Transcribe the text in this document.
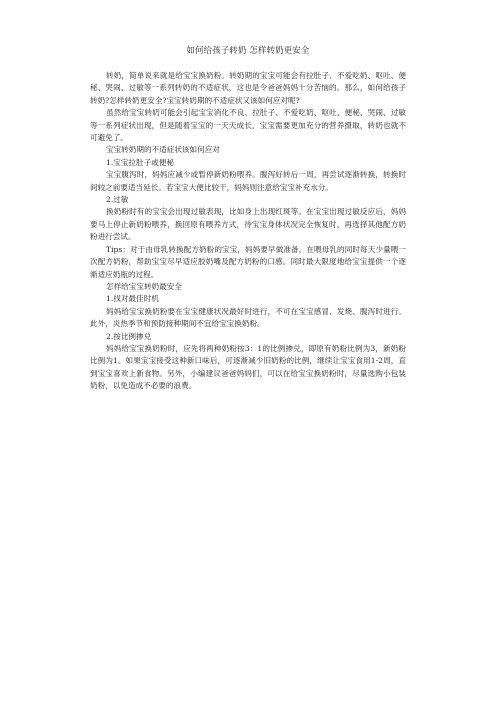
如何给孩子转奶 怎样转奶更安全

转奶，简单说来就是给宝宝换奶粉。转奶期的宝宝可能会有拉肚子、不爱吃奶、呕吐、便秘、哭闹、过敏等一系列转奶的不适症状，这也是令爸爸妈妈十分苦恼的。那么，如何给孩子转奶?怎样转奶更安全?宝宝转奶期的不适症状又该如何应对呢?

虽然给宝宝转奶可能会引起宝宝消化不良、拉肚子、不爱吃奶、呕吐、便秘、哭闹、过敏等一系列症状出现，但是随着宝宝的一天天成长，宝宝需要更加充分的营养摄取，转奶也就不可避免了。

宝宝转奶期的不适症状该如何应对

1.宝宝拉肚子或便秘

宝宝腹泻时，妈妈应减少或暂停新奶粉喂养。腹泻好转后一周，再尝试逐渐转换，转换时间较之前要适当延长。若宝宝大便比较干，妈妈则注意给宝宝补充水分。

2.过敏

换奶粉时有的宝宝会出现过敏表现，比如身上出现红斑等。在宝宝出现过敏反应后，妈妈要马上停止新奶粉喂养，换回原有喂养方式，待宝宝身体状况完全恢复时，再选择其他配方奶粉进行尝试。

Tips：对于由母乳转换配方奶粉的宝宝，妈妈要早做准备，在喂母乳的同时每天少量喂一次配方奶粉，帮助宝宝尽早适应胶奶嘴及配方奶粉的口感。同时最大限度地给宝宝提供一个逐渐适应奶瓶的过程。

怎样给宝宝转奶最安全

1.找对最佳时机

妈妈给宝宝换奶粉要在宝宝健康状况最好时进行，不可在宝宝感冒、发烧、腹泻时进行。此外，炎热季节和预防接种期间不宜给宝宝换奶粉。

2.按比例掺兑

妈妈给宝宝换奶粉时，应先将两种奶粉按3：1的比例掺兑，即原有奶粉比例为3，新奶粉比例为1。如果宝宝接受这种新口味后，可逐渐减少旧奶粉的比例，继续让宝宝食用1-2周，直到宝宝喜欢上新食物。另外，小编建议爸爸妈妈们，可以在给宝宝换奶粉时，尽量选购小包装奶粉，以免造成不必要的浪费。
